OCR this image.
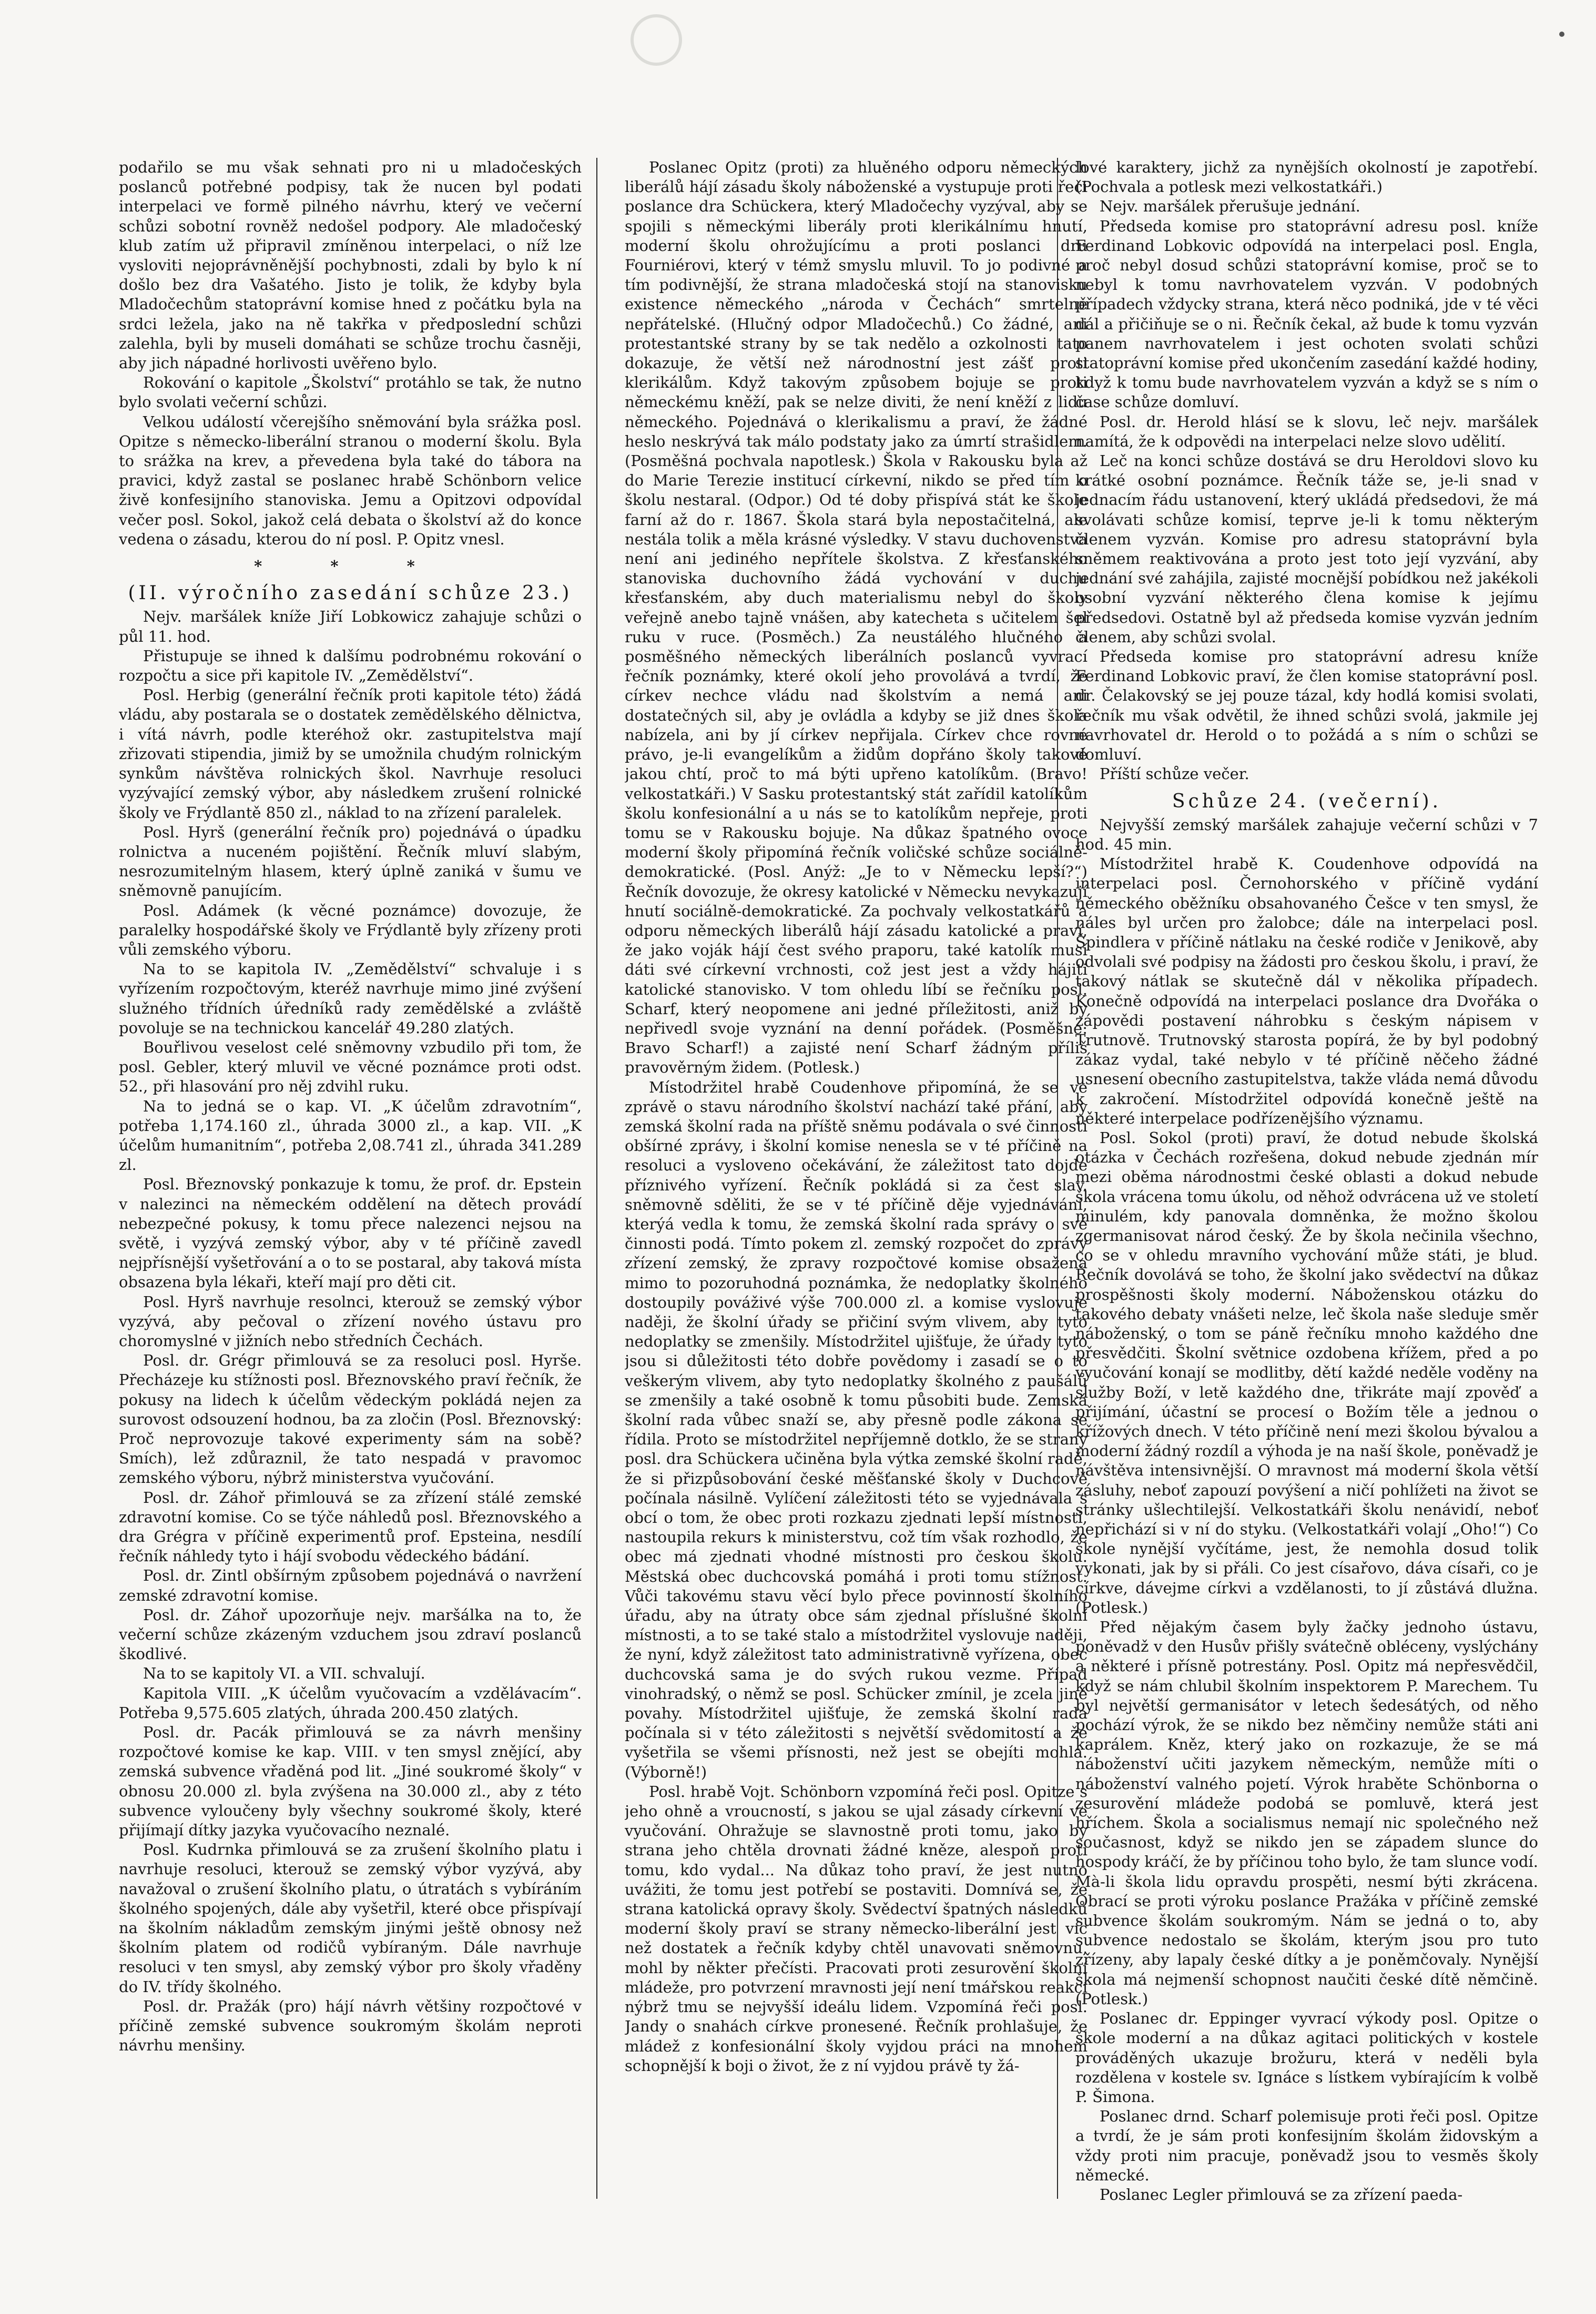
podařilo se mu však sehnati pro ni u mladočeských poslanců potřebné podpisy, tak že nucen byl podati interpelaci ve formě pilného návrhu, který ve večerní schůzi sobotní rovněž nedošel podpory. Ale mladočeský klub zatím už připravil zmíněnou interpelaci, o níž lze vysloviti nejoprávněnější pochybnosti, zdali by bylo k ní došlo bez dra Vašatého. Jisto je tolik, že kdyby byla Mladočechům statoprávní komise hned z počátku byla na srdci ležela, jako na ně takřka v předposlední schůzi zalehla, byli by museli domáhati se schůze trochu časněji, aby jich nápadné horlivosti uvěřeno bylo.

Rokování o kapitole „Školství“ protáhlo se tak, že nutno bylo svolati večerní schůzi.

Velkou událostí včerejšího sněmování byla srážka posl. Opitze s německo-liberální stranou o moderní školu. Byla to srážka na krev, a převedena byla také do tábora na pravici, když zastal se poslanec hrabě Schönborn velice živě konfesijního stanoviska. Jemu a Opitzovi odpovídal večer posl. Sokol, jakož celá debata o školství až do konce vedena o zásadu, kterou do ní posl. P. Opitz vnesl.

* * *
(II. výročního zasedání schůze 23.)

Nejv. maršálek kníže Jiří Lobkowicz zahajuje schůzi o půl 11. hod.

Přistupuje se ihned k dalšímu podrobnému rokování o rozpočtu a sice při kapitole IV. „Zemědělství“.

Posl. Herbig (generální řečník proti kapitole této) žádá vládu, aby postarala se o dostatek zemědělského dělnictva, i vítá návrh, podle kteréhož okr. zastupitelstva mají zřizovati stipendia, jimiž by se umožnila chudým rolnickým synkům návštěva rolnických škol. Navrhuje resoluci vyzývající zemský výbor, aby následkem zrušení rolnické školy ve Frýdlantě 850 zl., náklad to na zřízení paralelek.

Posl. Hyrš (generální řečník pro) pojednává o úpadku rolnictva a nuceném pojištění. Řečník mluví slabým, nesrozumitelným hlasem, který úplně zaniká v šumu ve sněmovně panujícím.

Posl. Adámek (k věcné poznámce) dovozuje, že paralelky hospodářské školy ve Frýdlantě byly zřízeny proti vůli zemského výboru.

Na to se kapitola IV. „Zemědělství“ schvaluje i s vyřízením rozpočtovým, kteréž navrhuje mimo jiné zvýšení služného třídních úředníků rady zemědělské a zvláště povoluje se na technickou kancelář 49.280 zlatých.

Bouřlivou veselost celé sněmovny vzbudilo při tom, že posl. Gebler, který mluvil ve věcné poznámce proti odst. 52., při hlasování pro něj zdvihl ruku.

Na to jedná se o kap. VI. „K účelům zdravotním“, potřeba 1,174.160 zl., úhrada 3000 zl., a kap. VII. „K účelům humanitním“, potřeba 2,08.741 zl., úhrada 341.289 zl.

Posl. Březnovský ponkazuje k tomu, že prof. dr. Epstein v nalezinci na německém oddělení na dětech provádí nebezpečné pokusy, k tomu přece nalezenci nejsou na světě, i vyzývá zemský výbor, aby v té příčině zavedl nejpřísnější vyšetřování a o to se postaral, aby taková místa obsazena byla lékaři, kteří mají pro děti cit.

Posl. Hyrš navrhuje resolnci, kterouž se zemský výbor vyzývá, aby pečoval o zřízení nového ústavu pro choromyslné v jižních nebo středních Čechách.

Posl. dr. Grégr přimlouvá se za resoluci posl. Hyrše. Přecházeje ku stížnosti posl. Březnovského praví řečník, že pokusy na lidech k účelům vědeckým pokládá nejen za surovost odsouzení hodnou, ba za zločin (Posl. Březnovský: Proč neprovozuje takové experimenty sám na sobě? Smích), lež zdůraznil, že tato nespadá v pravomoc zemského výboru, nýbrž ministerstva vyučování.

Posl. dr. Záhoř přimlouvá se za zřízení stálé zemské zdravotní komise. Co se týče náhledů posl. Březnovského a dra Grégra v příčině experimentů prof. Epsteina, nesdílí řečník náhledy tyto i hájí svobodu vědeckého bádání.

Posl. dr. Zintl obšírným způsobem pojednává o navržení zemské zdravotní komise.

Posl. dr. Záhoř upozorňuje nejv. maršálka na to, že večerní schůze zkázeným vzduchem jsou zdraví poslanců škodlivé.

Na to se kapitoly VI. a VII. schvalují.

Kapitola VIII. „K účelům vyučovacím a vzdělávacím“. Potřeba 9,575.605 zlatých, úhrada 200.450 zlatých.

Posl. dr. Pacák přimlouvá se za návrh menšiny rozpočtové komise ke kap. VIII. v ten smysl znějící, aby zemská subvence vřaděná pod lit. „Jiné soukromé školy“ v obnosu 20.000 zl. byla zvýšena na 30.000 zl., aby z této subvence vyloučeny byly všechny soukromé školy, které přijímají dítky jazyka vyučovacího neznalé.

Posl. Kudrnka přimlouvá se za zrušení školního platu i navrhuje resoluci, kterouž se zemský výbor vyzývá, aby navažoval o zrušení školního platu, o útratách s vybíráním školného spojených, dále aby vyšetřil, které obce přispívají na školním nákladům zemským jinými ještě obnosy než školním platem od rodičů vybíraným. Dále navrhuje resoluci v ten smysl, aby zemský výbor pro školy vřaděny do IV. třídy školného.

Posl. dr. Pražák (pro) hájí návrh většiny rozpočtové v příčině zemské subvence soukromým školám neproti návrhu menšiny.

Poslanec Opitz (proti) za hluěného odporu německých liberálů hájí zásadu školy náboženské a vystupuje proti řeči poslance dra Schückera, který Mladočechy vyzýval, aby se spojili s německými liberály proti klerikálnímu hnutí, moderní školu ohrožujícímu a proti poslanci dru Fourniérovi, který v témž smyslu mluvil. To jo podivné a tím podivnější, že strana mladočeská stojí na stanovisku existence německého „národa v Čechách“ smrtelně nepřátelské. (Hlučný odpor Mladočechů.) Co žádné, ani protestantské strany by se tak nedělo a ozkolnosti tato dokazuje, že větší než národnostní jest zášť proti klerikálům. Když takovým způsobem bojuje se proti německému kněží, pak se nelze diviti, že není kněží z lidu německého. Pojednává o klerikalismu a praví, že žádné heslo neskrývá tak málo podstaty jako za úmrtí strašidlem. (Posměšná pochvala napotlesk.) Škola v Rakousku byla až do Marie Terezie institucí církevní, nikdo se před tím o školu nestaral. (Odpor.) Od té doby přispívá stát ke škole farní až do r. 1867. Škola stará byla nepostačitelná, ale nestála tolik a měla krásné výsledky. V stavu duchovenstva není ani jediného nepřítele školstva. Z křesťanského stanoviska duchovního žádá vychování v duchu křesťanském, aby duch materialismu nebyl do školy veřejně anebo tajně vnášen, aby katecheta s učitelem šel ruku v ruce. (Posměch.) Za neustálého hlučného a posměšného německých liberálních poslanců vyvrací řečník poznámky, které okolí jeho provolává a tvrdí, že církev nechce vládu nad školstvím a nemá ani dostatečných sil, aby je ovládla a kdyby se již dnes škola nabízela, ani by jí církev nepřijala. Církev chce rovné právo, je-li evangelíkům a židům dopřáno školy takové jakou chtí, proč to má býti upřeno katolíkům. (Bravo! velkostatkáři.) V Sasku protestantský stát zařídil katolíkům školu konfesionální a u nás se to katolíkům nepřeje, proti tomu se v Rakousku bojuje. Na důkaz špatného ovoce moderní školy připomíná řečník voličské schůze sociálně-demokratické. (Posl. Anýž: „Je to v Německu lepší?“) Řečník dovozuje, že okresy katolické v Německu nevykazují hnutí sociálně-demokratické. Za pochvaly velkostatkářů a odporu německých liberálů hájí zásadu katolické a praví, že jako voják hájí čest svého praporu, také katolík musí dáti své církevní vrchnosti, což jest jest a vždy hájiti katolické stanovisko. V tom ohledu líbí se řečníku posl. Scharf, který neopomene ani jedné příležitosti, aniž by nepřivedl svoje vyznání na denní pořádek. (Posměšné: Bravo Scharf!) a zajisté není Scharf žádným příliš pravověrným židem. (Potlesk.)

Místodržitel hrabě Coudenhove připomíná, že se ve zprávě o stavu národního školství nachází také přání, aby zemská školní rada na příště sněmu podávala o své činnosti obšírné zprávy, i školní komise nenesla se v té příčině na resoluci a vysloveno očekávání, že záležitost tato dojde příznivého vyřízení. Řečník pokládá si za čest slav. sněmovně sděliti, že se v té příčině děje vyjednávání, kterýá vedla k tomu, že zemská školní rada správy o své činnosti podá. Tímto pokem zl. zemský rozpočet do zprávy zřízení zemský, že zpravy rozpočtové komise obsažena mimo to pozoruhodná poznámka, že nedoplatky školného dostoupily pováživé výše 700.000 zl. a komise vyslovuje naději, že školní úřady se přičiní svým vlivem, aby tyto nedoplatky se zmenšily. Místodržitel ujišťuje, že úřady tyto jsou si důležitosti této dobře povědomy i zasadí se o to veškerým vlivem, aby tyto nedoplatky školného z paušálů se zmenšily a také osobně k tomu působiti bude. Zemská školní rada vůbec snaží se, aby přesně podle zákona se řídila. Proto se místodržitel nepříjemně dotklo, že se strany posl. dra Schückera učiněna byla výtka zemské školní radě, že si přizpůsobování české měšťanské školy v Duchcově počínala násilně. Vylíčení záležitosti této se vyjednávala s obcí o tom, že obec proti rozkazu zjednati lepší místnosti, nastoupila rekurs k ministerstvu, což tím však rozhodlo, že obec má zjednati vhodné místnosti pro českou školu. Městská obec duchcovská pomáhá i proti tomu stížnost. Vůči takovému stavu věcí bylo přece povinností školního úřadu, aby na útraty obce sám zjednal příslušné školní místnosti, a to se také stalo a místodržitel vyslovuje naději, že nyní, když záležitost tato administrativně vyřízena, obec duchcovská sama je do svých rukou vezme. Případ vinohradský, o němž se posl. Schücker zmínil, je zcela jiné povahy. Místodržitel ujišťuje, že zemská školní rada počínala si v této záležitosti s největší svědomitostí a že vyšetřila se všemi přísnosti, než jest se obejíti mohla. (Výborně!)

Posl. hrabě Vojt. Schönborn vzpomíná řeči posl. Opitze s jeho ohně a vroucností, s jakou se ujal zásady církevní ve vyučování. Ohražuje se slavnostně proti tomu, jako by strana jeho chtěla drovnati žádné kněze, alespoň proti tomu, kdo vydal... Na důkaz toho praví, že jest nutno uvážiti, že tomu jest potřebí se postaviti. Domnívá se, že strana katolická opravy školy. Svědectví špatných následků moderní školy praví se strany německo-liberální jest víc než dostatek a řečník kdyby chtěl unavovati sněmovnu, mohl by někter přečísti. Pracovati proti zesurovění školní mládeže, pro potvrzení mravnosti její není tmářskou reakcí nýbrž tmu se nejvyšší ideálu lidem. Vzpomíná řeči posl. Jandy o snahách církve pronesené. Řečník prohlašuje, že mládež z konfesionální školy vyjdou práci na mnohem schopnější k boji o život, že z ní vyjdou právě ty žá-

lové karaktery, jichž za nynějších okolností je zapotřebí. (Pochvala a potlesk mezi velkostatkáři.)

Nejv. maršálek přerušuje jednání.

Předseda komise pro statoprávní adresu posl. kníže Ferdinand Lobkovic odpovídá na interpelaci posl. Engla, proč nebyl dosud schůzi statoprávní komise, proč se to nebyl k tomu navrhovatelem vyzván. V podobných případech vždycky strana, která něco podniká, jde v té věci dál a přičiňuje se o ni. Řečník čekal, až bude k tomu vyzván panem navrhovatelem i jest ochoten svolati schůzi statoprávní komise před ukončením zasedání každé hodiny, když k tomu bude navrhovatelem vyzván a když se s ním o čase schůze domluví.

Posl. dr. Herold hlásí se k slovu, leč nejv. maršálek namítá, že k odpovědi na interpelaci nelze slovo udělití.

Leč na konci schůze dostává se dru Heroldovi slovo ku krátké osobní poznámce. Řečník táže se, je-li snad v jednacím řádu ustanovení, který ukládá předsedovi, že má svolávati schůze komisí, teprve je-li k tomu některým členem vyzván. Komise pro adresu statoprávní byla sněmem reaktivována a proto jest toto její vyzvání, aby jednání své zahájila, zajisté mocnější pobídkou než jakékoli osobní vyzvání některého člena komise k jejímu předsedovi. Ostatně byl až předseda komise vyzván jedním členem, aby schůzi svolal.

Předseda komise pro statoprávní adresu kníže Ferdinand Lobkovic praví, že člen komise statoprávní posl. dr. Čelakovský se jej pouze tázal, kdy hodlá komisi svolati, řečník mu však odvětil, že ihned schůzi svolá, jakmile jej navrhovatel dr. Herold o to požádá a s ním o schůzi se domluví.

Příští schůze večer.

Schůze 24. (večerní).

Nejvyšší zemský maršálek zahajuje večerní schůzi v 7 hod. 45 min.

Místodržitel hrabě K. Coudenhove odpovídá na interpelaci posl. Černohorského v příčině vydání německého oběžníku obsahovaného Češce v ten smysl, že náles byl určen pro žalobce; dále na interpelaci posl. Špindlera v příčině nátlaku na české rodiče v Jenikově, aby odvolali své podpisy na žádosti pro českou školu, i praví, že takový nátlak se skutečně dál v několika případech. Konečně odpovídá na interpelaci poslance dra Dvořáka o zápovědi postavení náhrobku s českým nápisem v Trutnově. Trutnovský starosta popírá, že by byl podobný zákaz vydal, také nebylo v té příčině něčeho žádné usnesení obecního zastupitelstva, takže vláda nemá důvodu k zakročení. Místodržitel odpovídá konečně ještě na některé interpelace podřízenějšího významu.

Posl. Sokol (proti) praví, že dotud nebude školská otázka v Čechách rozřešena, dokud nebude zjednán mír mezi oběma národnostmi české oblasti a dokud nebude škola vrácena tomu úkolu, od něhož odvrácena už ve století minulém, kdy panovala domněnka, že možno školou zgermanisovat národ český. Že by škola nečinila všechno, co se v ohledu mravního vychování může státi, je blud. Řečník dovolává se toho, že školní jako svědectví na důkaz prospěšnosti školy moderní. Náboženskou otázku do takového debaty vnášeti nelze, leč škola naše sleduje směr náboženský, o tom se páně řečníku mnoho každého dne přesvědčiti. Školní světnice ozdobena křížem, před a po vyučování konají se modlitby, dětí každé neděle voděny na služby Boží, v letě každého dne, třikráte mají zpověď a přijímání, účastní se procesí o Božím těle a jednou o křížových dnech. V této příčině není mezi školou bývalou a moderní žádný rozdíl a výhoda je na naší škole, poněvadž je návštěva intensivnější. O mravnost má moderní škola větší zásluhy, neboť zapouzí povýšení a ničí pohlížeti na život se stránky ušlechtilejší. Velkostatkáři školu nenávidí, neboť nepřichází si v ní do styku. (Velkostatkáři volají „Oho!“) Co škole nynější vyčítáme, jest, že nemohla dosud tolik vykonati, jak by si přáli. Co jest císařovo, dáva císaři, co je církve, dávejme církvi a vzdělanosti, to jí zůstává dlužna. (Potlesk.)

Před nějakým časem byly žačky jednoho ústavu, poněvadž v den Husův přišly svátečně obléceny, vyslýchány a některé i přísně potrestány. Posl. Opitz má nepřesvědčil, když se nám chlubil školním inspektorem P. Marechem. Tu byl největší germanisátor v letech šedesátých, od něho pochází výrok, že se nikdo bez němčiny nemůže státi ani kaprálem. Kněz, který jako on rozkazuje, že se má náboženství učiti jazykem německým, nemůže míti o náboženství valného pojetí. Výrok hraběte Schönborna o zesurovění mládeže podobá se pomluvě, která jest hříchem. Škola a socialismus nemají nic společného než současnost, když se nikdo jen se západem slunce do hospody kráčí, že by příčinou toho bylo, že tam slunce vodí. Mà-li škola lidu opravdu prospěti, nesmí býti zkrácena. Obrací se proti výroku poslance Pražáka v příčině zemské subvence školám soukromým. Nám se jedná o to, aby subvence nedostalo se školám, kterým jsou pro tuto zřízeny, aby lapaly české dítky a je poněmčovaly. Nynější škola má nejmenší schopnost naučiti české dítě němčině. (Potlesk.)

Poslanec dr. Eppinger vyvrací výkody posl. Opitze o škole moderní a na důkaz agitaci politických v kostele prováděných ukazuje brožuru, která v neděli byla rozdělena v kostele sv. Ignáce s lístkem vybírajícím k volbě P. Šimona.

Poslanec drnd. Scharf polemisuje proti řeči posl. Opitze a tvrdí, že je sám proti konfesijním školám židovským a vždy proti nim pracuje, poněvadž jsou to vesměs školy německé.

Poslanec Legler přimlouvá se za zřízení paeda-
